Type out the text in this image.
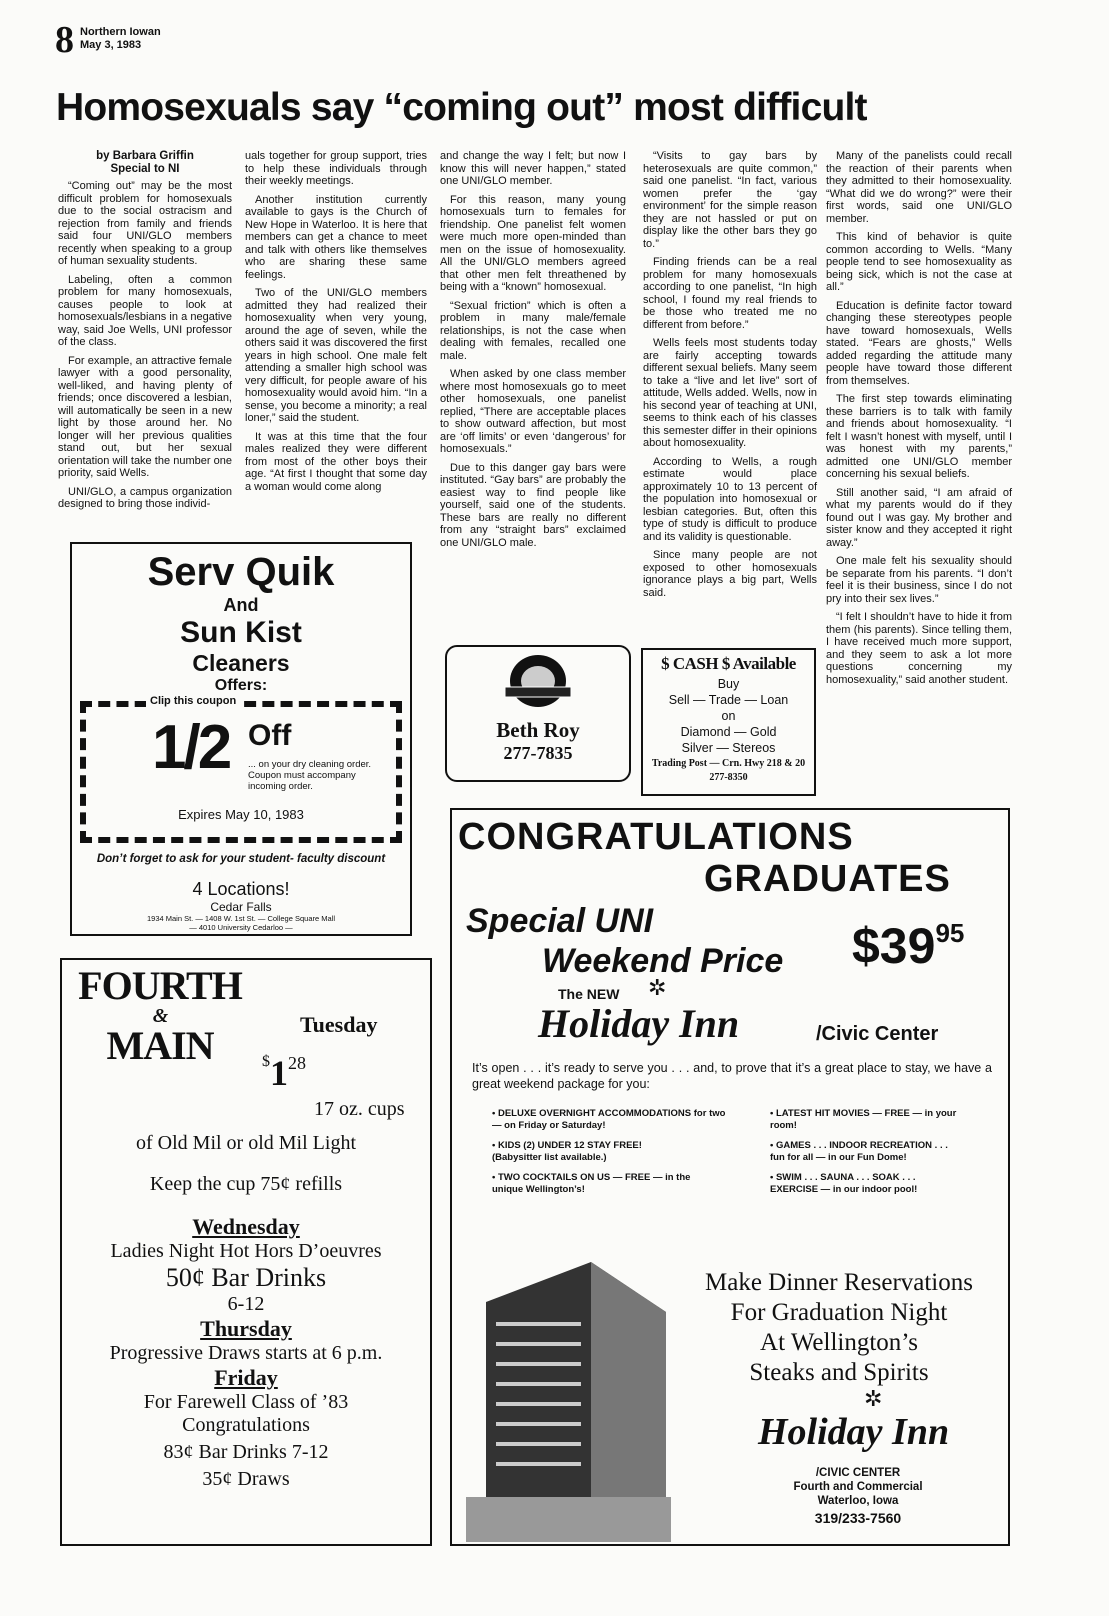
8 Northern Iowan
May 3, 1983
Homosexuals say “coming out” most difficult
by Barbara Griffin
Special to NI

“Coming out” may be the most difficult problem for homosexuals due to the social ostracism and rejection from family and friends said four UNI/GLO members recently when speaking to a group of human sexuality students.

Labeling, often a common problem for many homosexuals, causes people to look at homosexuals/lesbians in a negative way, said Joe Wells, UNI professor of the class.

For example, an attractive female lawyer with a good personality, well-liked, and having plenty of friends; once discovered a lesbian, will automatically be seen in a new light by those around her. No longer will her previous qualities stand out, but her sexual orientation will take the number one priority, said Wells.

UNI/GLO, a campus organization designed to bring those individ-

uals together for group support, tries to help these individuals through their weekly meetings.

Another institution currently available to gays is the Church of New Hope in Waterloo. It is here that members can get a chance to meet and talk with others like themselves who are sharing these same feelings.

Two of the UNI/GLO members admitted they had realized their homosexuality when very young, around the age of seven, while the others said it was discovered the first years in high school. One male felt attending a smaller high school was very difficult, for people aware of his homosexuality would avoid him. “In a sense, you become a minority; a real loner,” said the student.

It was at this time that the four males realized they were different from most of the other boys their age. “At first I thought that some day a woman would come along

and change the way I felt; but now I know this will never happen,” stated one UNI/GLO member.

For this reason, many young homosexuals turn to females for friendship. One panelist felt women were much more open-minded than men on the issue of homosexuality. All the UNI/GLO members agreed that other men felt threathened by being with a “known” homosexual.

“Sexual friction” which is often a problem in many male/female relationships, is not the case when dealing with females, recalled one male.

When asked by one class member where most homosexuals go to meet other homosexuals, one panelist replied, “There are acceptable places to show outward affection, but most are ‘off limits’ or even ‘dangerous’ for homosexuals.”

Due to this danger gay bars were instituted. “Gay bars” are probably the easiest way to find people like yourself, said one of the students. These bars are really no different from any “straight bars” exclaimed one UNI/GLO male.

“Visits to gay bars by heterosexuals are quite common,” said one panelist. “In fact, various women prefer the ‘gay environment’ for the simple reason they are not hassled or put on display like the other bars they go to.”

Finding friends can be a real problem for many homosexuals according to one panelist, “In high school, I found my real friends to be those who treated me no different from before.”

Wells feels most students today are fairly accepting towards different sexual beliefs. Many seem to take a “live and let live” sort of attitude, Wells added. Wells, now in his second year of teaching at UNI, seems to think each of his classes this semester differ in their opinions about homosexuality.

According to Wells, a rough estimate would place approximately 10 to 13 percent of the population into homosexual or lesbian categories. But, often this type of study is difficult to produce and its validity is questionable.

Since many people are not exposed to other homosexuals ignorance plays a big part, Wells said.

Many of the panelists could recall the reaction of their parents when they admitted to their homosexuality. “What did we do wrong?” were their first words, said one UNI/GLO member.

This kind of behavior is quite common according to Wells. “Many people tend to see homosexuality as being sick, which is not the case at all.”

Education is definite factor toward changing these stereotypes people have toward homosexuals, Wells stated. “Fears are ghosts,” Wells added regarding the attitude many people have toward those different from themselves.

The first step towards eliminating these barriers is to talk with family and friends about homosexuality. “I felt I wasn’t honest with myself, until I was honest with my parents,” admitted one UNI/GLO member concerning his sexual beliefs.

Still another said, “I am afraid of what my parents would do if they found out I was gay. My brother and sister know and they accepted it right away.”

One male felt his sexuality should be separate from his parents. “I don’t feel it is their business, since I do not pry into their sex lives.”

“I felt I shouldn’t have to hide it from them (his parents). Since telling them, I have received much more support, and they seem to ask a lot more questions concerning my homosexuality,” said another student.

Serv Quik
And
Sun Kist
Cleaners
Offers:
Clip this coupon
1/2 Off
... on your dry cleaning order. Coupon must accompany incoming order.
Expires May 10, 1983
Don’t forget to ask for your student- faculty discount
4 Locations!
Cedar Falls
1934 Main St. — 1408 W. 1st St. — College Square Mall
— 4010 University Cedarloo —
Beth Roy
277-7835
$ CASH $ Available
Buy
Sell — Trade — Loan
on
Diamond — Gold
Silver — Stereos
Trading Post — Crn. Hwy 218 & 20
277-8350
FOURTH
&
MAIN	Tuesday
$^{\$}1^{28}$
17 oz. cups
of Old Mil or old Mil Light
Keep the cup 75¢ refills
Wednesday
Ladies Night Hot Hors D’oeuvres
50¢ Bar Drinks
6-12
Thursday
Progressive Draws starts at 6 p.m.
Friday
For Farewell Class of ’83
Congratulations
83¢ Bar Drinks 7-12
35¢ Draws
CONGRATULATIONS
GRADUATES
Special UNI
Weekend Price $\$39^{95}$
The NEW ✲
Holiday Inn	/Civic Center
It’s open . . . it’s ready to serve you . . . and, to prove that it’s a great place to stay, we have a great weekend package for you:
• DELUXE OVERNIGHT ACCOMMODATIONS for two — on Friday or Saturday!
• KIDS (2) UNDER 12 STAY FREE! (Babysitter list available.)
• TWO COCKTAILS ON US — FREE — in the unique Wellington’s!
• LATEST HIT MOVIES — FREE — in your room!
• GAMES . . . INDOOR RECREATION . . . fun for all — in our Fun Dome!
• SWIM . . . SAUNA . . . SOAK . . . EXERCISE — in our indoor pool!
Make Dinner Reservations
For Graduation Night
At Wellington’s
Steaks and Spirits
✲
Holiday Inn
/CIVIC CENTER
Fourth and Commercial
Waterloo, Iowa
319/233-7560
